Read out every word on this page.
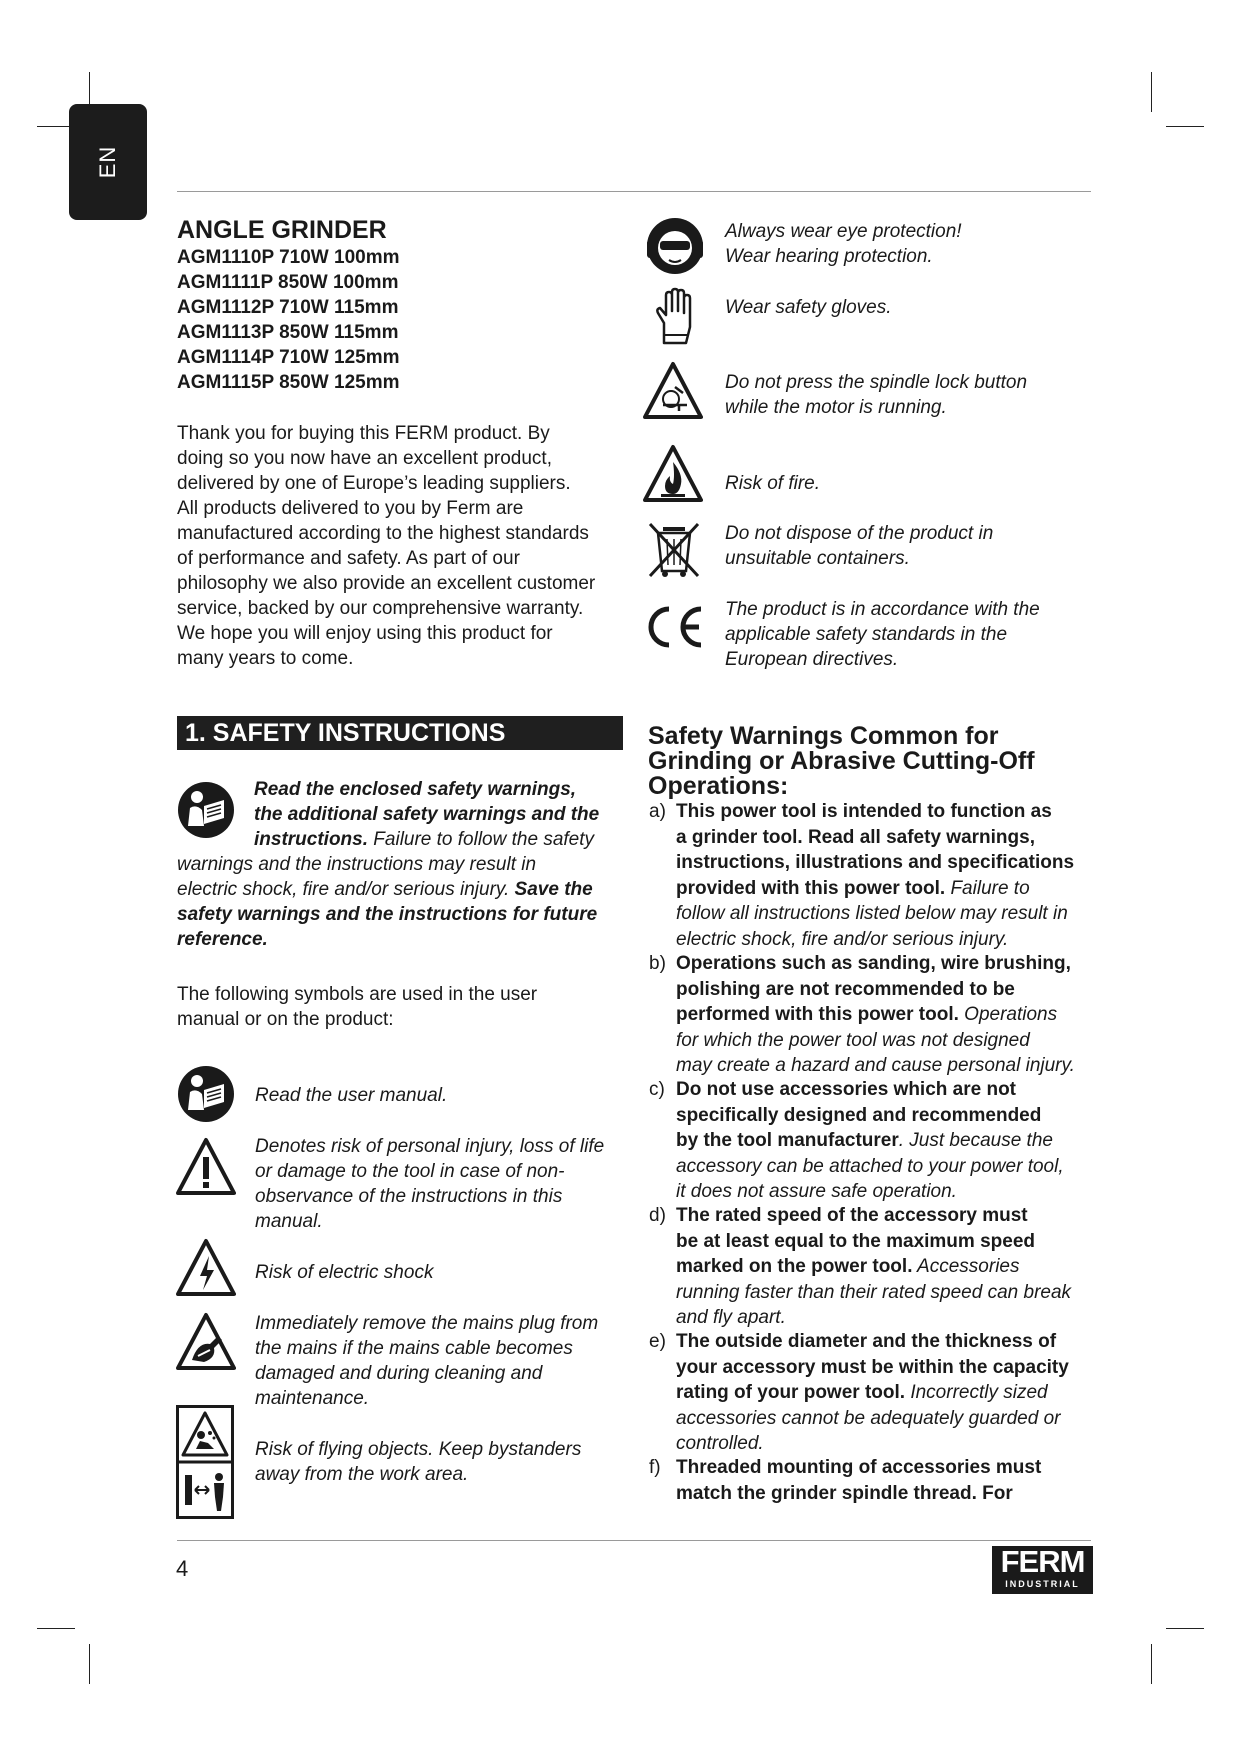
EN
ANGLE GRINDER
AGM1110P 710W 100mm
AGM1111P 850W 100mm
AGM1112P 710W 115mm
AGM1113P 850W 115mm
AGM1114P 710W 125mm
AGM1115P 850W 125mm
Thank you for buying this FERM product. By
doing so you now have an excellent product,
delivered by one of Europe’s leading suppliers.
All products delivered to you by Ferm are
manufactured according to the highest standards
of performance and safety. As part of our
philosophy we also provide an excellent customer
service, backed by our comprehensive warranty.
We hope you will enjoy using this product for
many years to come.
1. SAFETY INSTRUCTIONS
Read the enclosed safety warnings,
the additional safety warnings and the
instructions. Failure to follow the safety
warnings and the instructions may result in
electric shock, fire and/or serious injury. Save the
safety warnings and the instructions for future
reference.
The following symbols are used in the user
manual or on the product:
Read the user manual.
Denotes risk of personal injury, loss of life
or damage to the tool in case of non-
observance of the instructions in this
manual.
Risk of electric shock
Immediately remove the mains plug from
the mains if the mains cable becomes
damaged and during cleaning and
maintenance.
Risk of flying objects. Keep bystanders
away from the work area.
Always wear eye protection!
Wear hearing protection.
Wear safety gloves.
Do not press the spindle lock button
while the motor is running.
Risk of fire.
Do not dispose of the product in
unsuitable containers.
The product is in accordance with the
applicable safety standards in the
European directives.
Safety Warnings Common for
Grinding or Abrasive Cutting-Off
Operations:
a) This power tool is intended to function as
a grinder tool. Read all safety warnings,
instructions, illustrations and specifications
provided with this power tool. Failure to
follow all instructions listed below may result in
electric shock, fire and/or serious injury.
b) Operations such as sanding, wire brushing,
polishing are not recommended to be
performed with this power tool. Operations
for which the power tool was not designed
may create a hazard and cause personal injury.
c) Do not use accessories which are not
specifically designed and recommended
by the tool manufacturer. Just because the
accessory can be attached to your power tool,
it does not assure safe operation.
d) The rated speed of the accessory must
be at least equal to the maximum speed
marked on the power tool. Accessories
running faster than their rated speed can break
and fly apart.
e) The outside diameter and the thickness of
your accessory must be within the capacity
rating of your power tool. Incorrectly sized
accessories cannot be adequately guarded or
controlled.
f) Threaded mounting of accessories must
match the grinder spindle thread. For
4	FERM
INDUSTRIAL
